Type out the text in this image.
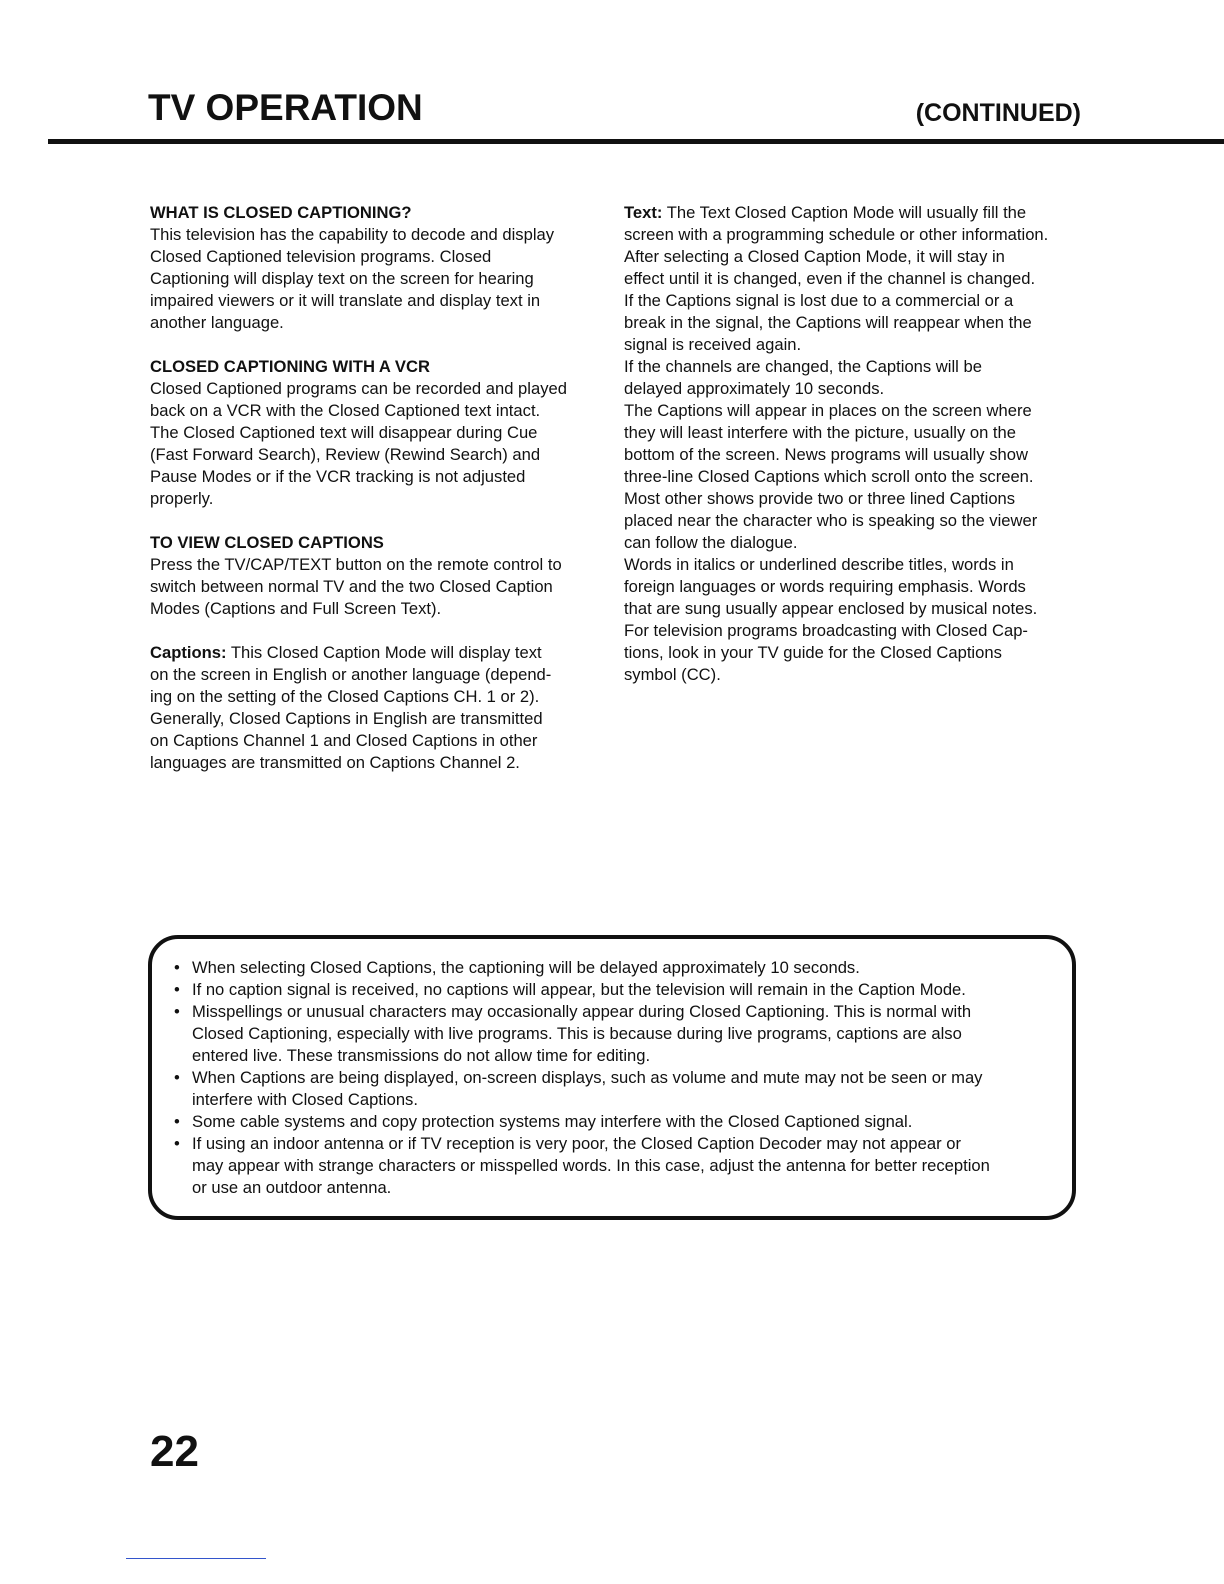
TV OPERATION	(CONTINUED)

WHAT IS CLOSED CAPTIONING?

This television has the capability to decode and display
Closed Captioned television programs. Closed
Captioning will display text on the screen for hearing
impaired viewers or it will translate and display text in
another language.

CLOSED CAPTIONING WITH A VCR

Closed Captioned programs can be recorded and played
back on a VCR with the Closed Captioned text intact.
The Closed Captioned text will disappear during Cue
(Fast Forward Search), Review (Rewind Search) and
Pause Modes or if the VCR tracking is not adjusted
properly.

TO VIEW CLOSED CAPTIONS

Press the TV/CAP/TEXT button on the remote control to
switch between normal TV and the two Closed Caption
Modes (Captions and Full Screen Text).

Captions: This Closed Caption Mode will display text
on the screen in English or another language (depend-
ing on the setting of the Closed Captions CH. 1 or 2).
Generally, Closed Captions in English are transmitted
on Captions Channel 1 and Closed Captions in other
languages are transmitted on Captions Channel 2.

Text: The Text Closed Caption Mode will usually fill the
screen with a programming schedule or other information.
After selecting a Closed Caption Mode, it will stay in
effect until it is changed, even if the channel is changed.
If the Captions signal is lost due to a commercial or a
break in the signal, the Captions will reappear when the
signal is received again.
If the channels are changed, the Captions will be
delayed approximately 10 seconds.
The Captions will appear in places on the screen where
they will least interfere with the picture, usually on the
bottom of the screen. News programs will usually show
three-line Closed Captions which scroll onto the screen.
Most other shows provide two or three lined Captions
placed near the character who is speaking so the viewer
can follow the dialogue.
Words in italics or underlined describe titles, words in
foreign languages or words requiring emphasis. Words
that are sung usually appear enclosed by musical notes.
For television programs broadcasting with Closed Cap-
tions, look in your TV guide for the Closed Captions
symbol (CC).

• When selecting Closed Captions, the captioning will be delayed approximately 10 seconds.
• If no caption signal is received, no captions will appear, but the television will remain in the Caption Mode.
• Misspellings or unusual characters may occasionally appear during Closed Captioning. This is normal with
Closed Captioning, especially with live programs. This is because during live programs, captions are also
entered live. These transmissions do not allow time for editing.
• When Captions are being displayed, on-screen displays, such as volume and mute may not be seen or may
interfere with Closed Captions.
• Some cable systems and copy protection systems may interfere with the Closed Captioned signal.
• If using an indoor antenna or if TV reception is very poor, the Closed Caption Decoder may not appear or
may appear with strange characters or misspelled words. In this case, adjust the antenna for better reception
or use an outdoor antenna.
22
